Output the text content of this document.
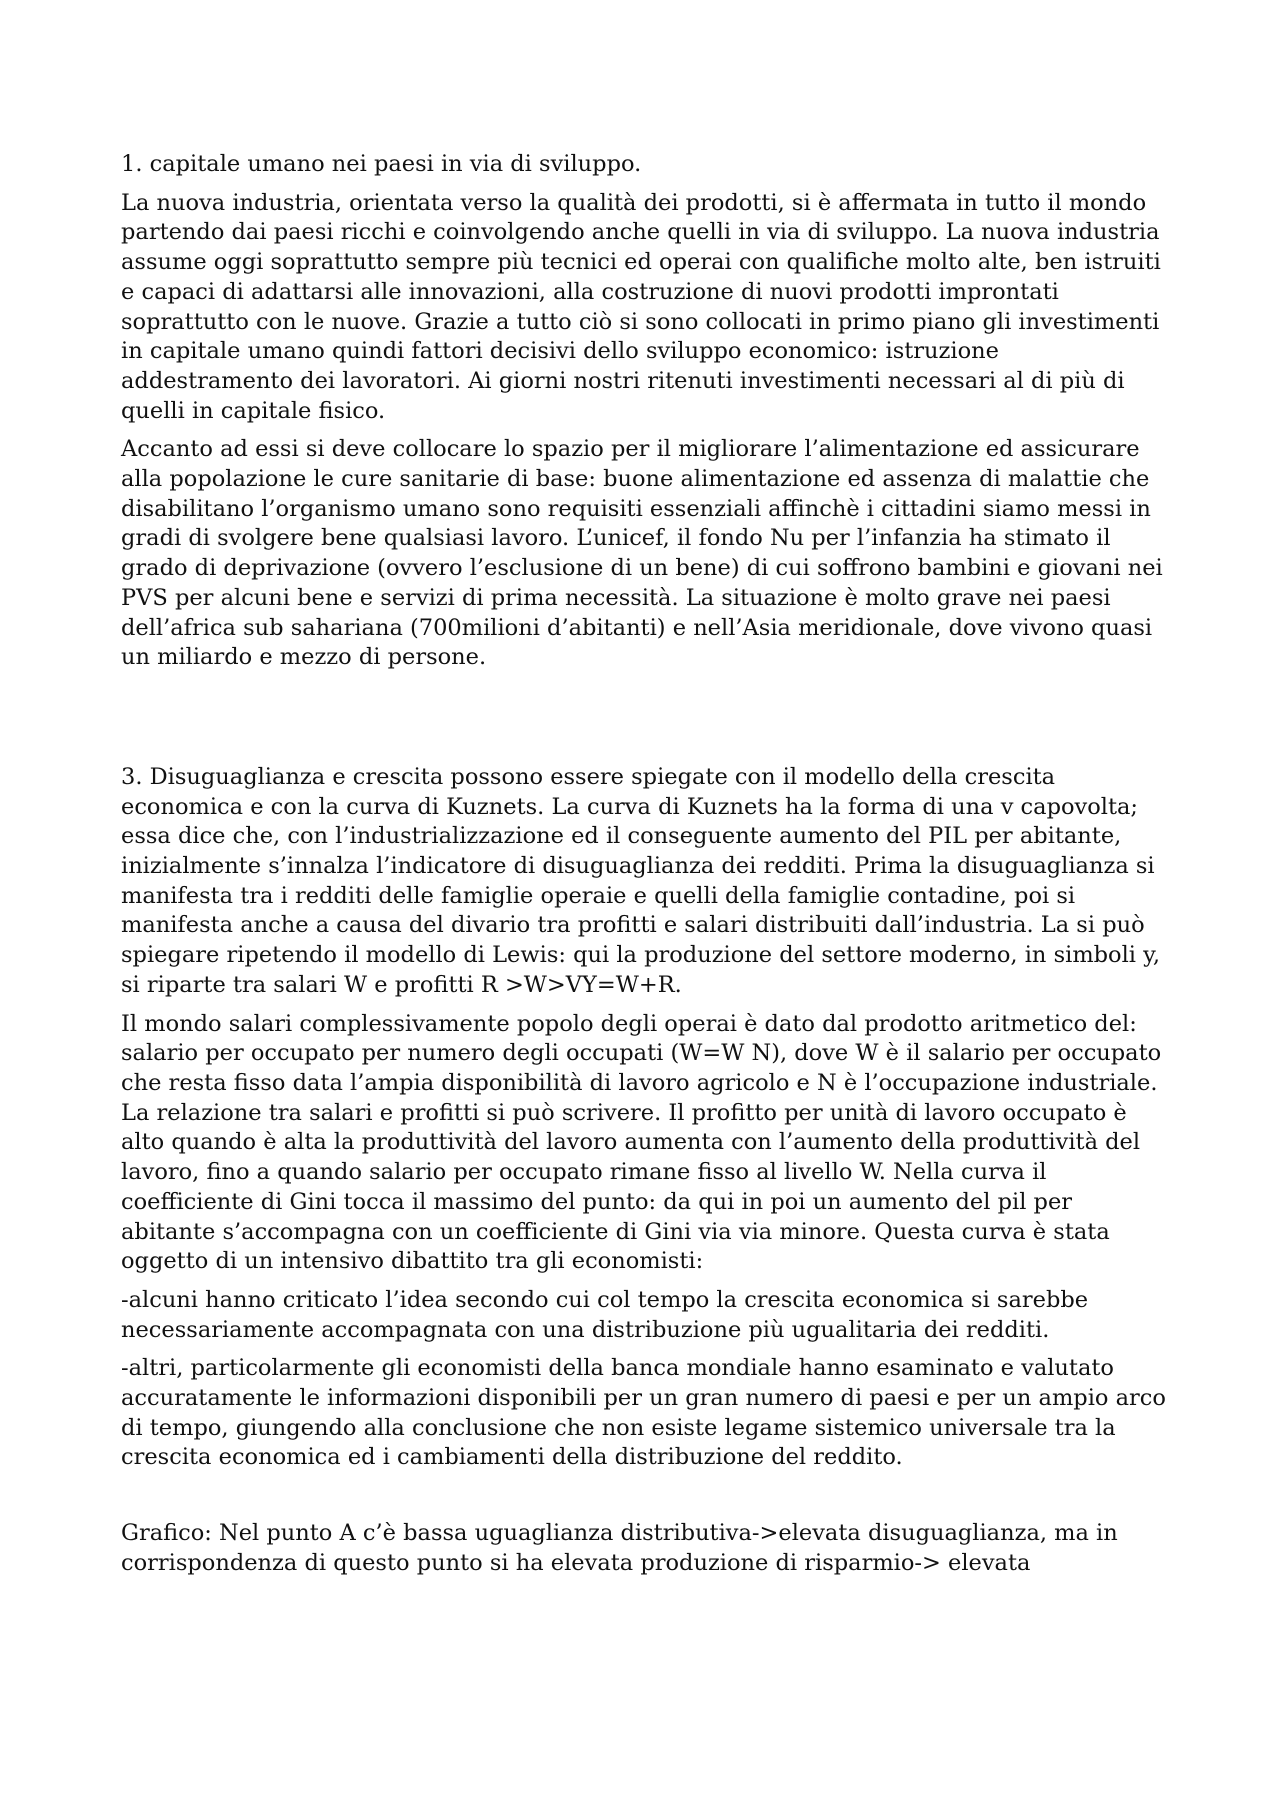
1. capitale umano nei paesi in via di sviluppo.

La nuova industria, orientata verso la qualità dei prodotti, si è affermata in tutto il mondo partendo dai paesi ricchi e coinvolgendo anche quelli in via di sviluppo. La nuova industria assume oggi soprattutto sempre più tecnici ed operai con qualifiche molto alte, ben istruiti e capaci di adattarsi alle innovazioni, alla costruzione di nuovi prodotti improntati soprattutto con le nuove. Grazie a tutto ciò si sono collocati in primo piano gli investimenti in capitale umano quindi fattori decisivi dello sviluppo economico: istruzione addestramento dei lavoratori. Ai giorni nostri ritenuti investimenti necessari al di più di quelli in capitale fisico.

Accanto ad essi si deve collocare lo spazio per il migliorare l’alimentazione ed assicurare alla popolazione le cure sanitarie di base: buone alimentazione ed assenza di malattie che disabilitano l’organismo umano sono requisiti essenziali affinchè i cittadini siamo messi in gradi di svolgere bene qualsiasi lavoro. L’unicef, il fondo Nu per l’infanzia ha stimato il grado di deprivazione (ovvero l’esclusione di un bene) di cui soffrono bambini e giovani nei PVS per alcuni bene e servizi di prima necessità. La situazione è molto grave nei paesi dell’africa sub sahariana (700milioni d’abitanti) e nell’Asia meridionale, dove vivono quasi un miliardo e mezzo di persone.

3. Disuguaglianza e crescita possono essere spiegate con il modello della crescita economica e con la curva di Kuznets. La curva di Kuznets ha la forma di una v capovolta; essa dice che, con l’industrializzazione ed il conseguente aumento del PIL per abitante, inizialmente s’innalza l’indicatore di disuguaglianza dei redditi. Prima la disuguaglianza si manifesta tra i redditi delle famiglie operaie e quelli della famiglie contadine, poi si manifesta anche a causa del divario tra profitti e salari distribuiti dall’industria. La si può spiegare ripetendo il modello di Lewis: qui la produzione del settore moderno, in simboli y, si riparte tra salari W e profitti R >W>VY=W+R.

Il mondo salari complessivamente popolo degli operai è dato dal prodotto aritmetico del: salario per occupato per numero degli occupati (W=W N), dove W è il salario per occupato che resta fisso data l’ampia disponibilità di lavoro agricolo e N è l’occupazione industriale. La relazione tra salari e profitti si può scrivere. Il profitto per unità di lavoro occupato è alto quando è alta la produttività del lavoro aumenta con l’aumento della produttività del lavoro, fino a quando salario per occupato rimane fisso al livello W. Nella curva il coefficiente di Gini tocca il massimo del punto: da qui in poi un aumento del pil per abitante s’accompagna con un coefficiente di Gini via via minore. Questa curva è stata oggetto di un intensivo dibattito tra gli economisti:

-alcuni hanno criticato l’idea secondo cui col tempo la crescita economica si sarebbe necessariamente accompagnata con una distribuzione più ugualitaria dei redditi.

-altri, particolarmente gli economisti della banca mondiale hanno esaminato e valutato accuratamente le informazioni disponibili per un gran numero di paesi e per un ampio arco di tempo, giungendo alla conclusione che non esiste legame sistemico universale tra la crescita economica ed i cambiamenti della distribuzione del reddito.

Grafico: Nel punto A c’è bassa uguaglianza distributiva->elevata disuguaglianza, ma in corrispondenza di questo punto si ha elevata produzione di risparmio-> elevata
